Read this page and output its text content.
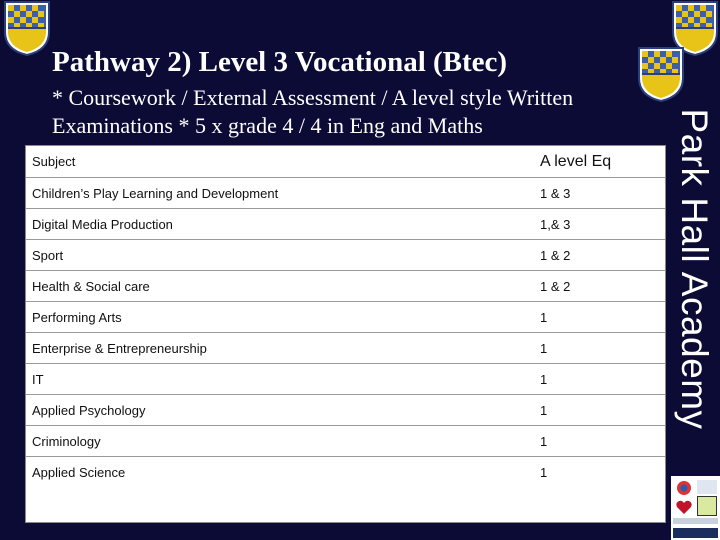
Pathway 2) Level 3 Vocational (Btec)
* Coursework / External Assessment / A level style Written
Examinations * 5 x grade 4 / 4 in Eng and Maths	Park Hall Academy
Subject	A level Eq
Children’s Play Learning and Development	1 & 3
Digital Media Production	1,& 3
Sport	1 & 2
Health & Social care	1 & 2
Performing Arts	1
Enterprise & Entrepreneurship	1
IT	1
Applied Psychology	1
Criminology	1
Applied Science	1
